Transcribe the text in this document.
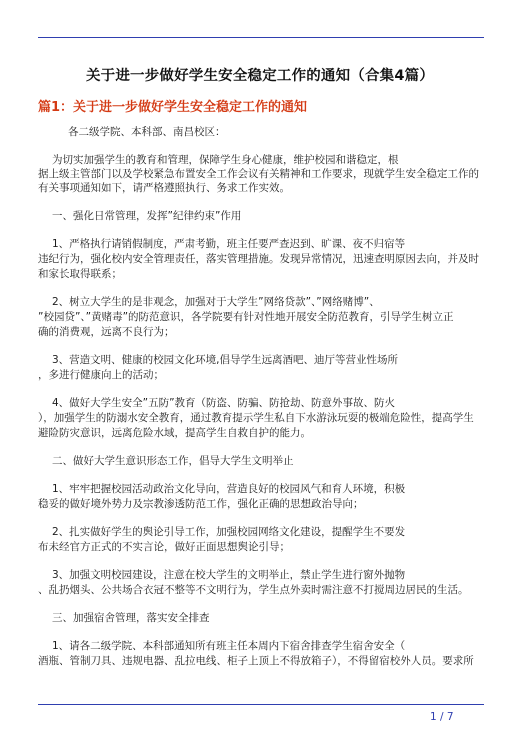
关于进一步做好学生安全稳定工作的通知（合集4篇）
篇1：关于进一步做好学生安全稳定工作的通知
各二级学院、本科部、南昌校区：
为切实加强学生的教育和管理，保障学生身心健康，维护校园和谐稳定，根
据上级主管部门以及学校紧急布置安全工作会议有关精神和工作要求，现就学生安全稳定工作的
有关事项通知如下，请严格遵照执行、务求工作实效。
一、强化日常管理，发挥”纪律约束”作用
1、严格执行请销假制度，严肃考勤，班主任要严查迟到、旷课、夜不归宿等
违纪行为，强化校内安全管理责任，落实管理措施。发现异常情况，迅速查明原因去向，并及时
和家长取得联系；
2、树立大学生的是非观念，加强对于大学生”网络贷款”、”网络赌博”、
”校园贷”、”黄赌毒”的防范意识，各学院要有针对性地开展安全防范教育，引导学生树立正
确的消费观，远离不良行为；
3、营造文明、健康的校园文化环境,倡导学生远离酒吧、迪厅等营业性场所
，多进行健康向上的活动；
4、做好大学生安全”五防”教育（防盗、防骗、防抢劫、防意外事故、防火
），加强学生的防溺水安全教育，通过教育提示学生私自下水游泳玩耍的极端危险性，提高学生
避险防灾意识，远离危险水域，提高学生自救自护的能力。
二、做好大学生意识形态工作，倡导大学生文明举止
1、牢牢把握校园活动政治文化导向，营造良好的校园风气和育人环境，积极
稳妥的做好境外势力及宗教渗透防范工作，强化正确的思想政治导向；
2、扎实做好学生的舆论引导工作，加强校园网络文化建设，提醒学生不要发
布未经官方正式的不实言论，做好正面思想舆论引导；
3、加强文明校园建设，注意在校大学生的文明举止，禁止学生进行窗外抛物
、乱扔烟头、公共场合衣冠不整等不文明行为，学生点外卖时需注意不打搅周边居民的生活。
三、加强宿舍管理，落实安全排查
1、请各二级学院、本科部通知所有班主任本周内下宿舍排查学生宿舍安全（
酒瓶、管制刀具、违规电器、乱拉电线、柜子上顶上不得放箱子），不得留宿校外人员。要求所
1 / 7
